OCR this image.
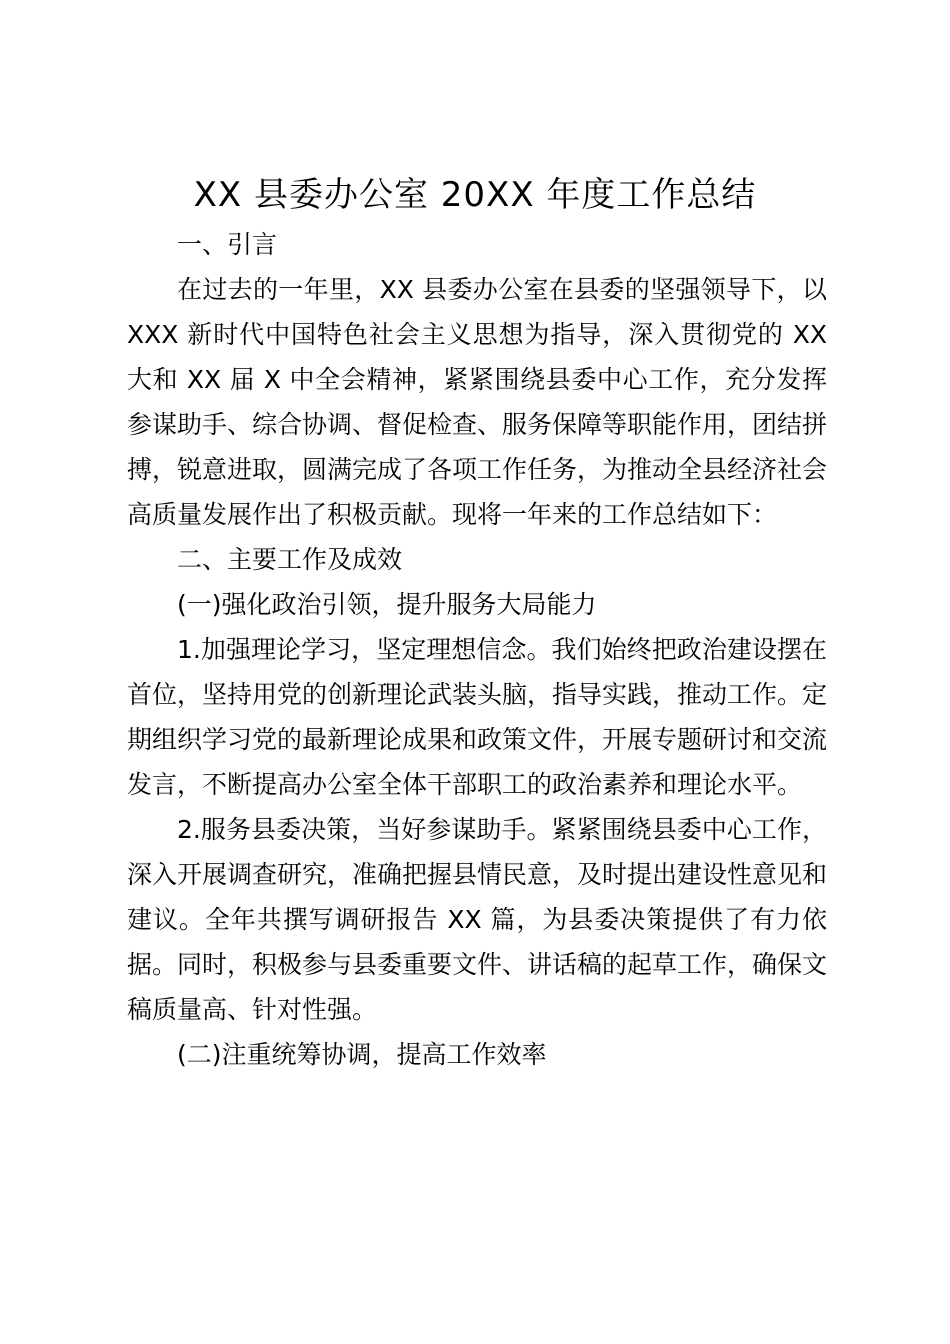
XX 县委办公室 20XX 年度工作总结

一、引言

在过去的一年里，XX 县委办公室在县委的坚强领导下，以XXX 新时代中国特色社会主义思想为指导，深入贯彻党的 XX 大和 XX 届 X 中全会精神，紧紧围绕县委中心工作，充分发挥参谋助手、综合协调、督促检查、服务保障等职能作用，团结拼搏，锐意进取，圆满完成了各项工作任务，为推动全县经济社会高质量发展作出了积极贡献。现将一年来的工作总结如下：

二、主要工作及成效

(一)强化政治引领，提升服务大局能力

1.加强理论学习，坚定理想信念。我们始终把政治建设摆在首位，坚持用党的创新理论武装头脑，指导实践，推动工作。定期组织学习党的最新理论成果和政策文件，开展专题研讨和交流发言，不断提高办公室全体干部职工的政治素养和理论水平。

2.服务县委决策，当好参谋助手。紧紧围绕县委中心工作，深入开展调查研究，准确把握县情民意，及时提出建设性意见和建议。全年共撰写调研报告 XX 篇，为县委决策提供了有力依据。同时，积极参与县委重要文件、讲话稿的起草工作，确保文稿质量高、针对性强。

(二)注重统筹协调，提高工作效率
